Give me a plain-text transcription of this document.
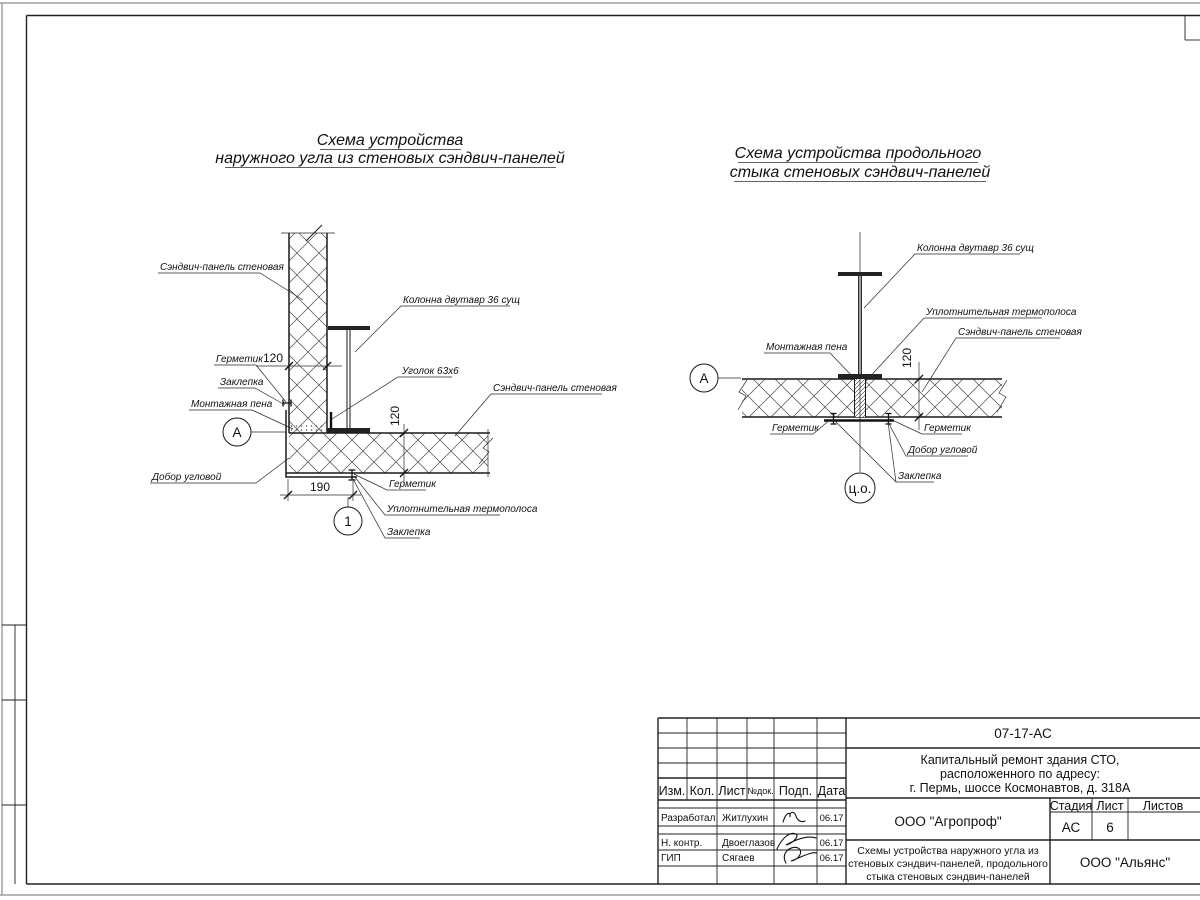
Схема устройства
наружного угла из стеновых сэндвич-панелей
120
120
190
А
1
Сэндвич-панель стеновая
Колонна двутавр 36 сущ
Герметик
Заклепка
Монтажная пена
Уголок 63х6
Сэндвич-панель стеновая
Добор угловой
Герметик
Уплотнительная термополоса
Заклепка
Схема устройства продольного
стыка стеновых сэндвич-панелей
120
А
ц.о.
Колонна двутавр 36 сущ
Уплотнительная термополоса
Сэндвич-панель стеновая
Монтажная пена
Герметик	Герметик
Добор угловой
Заклепка
Изм. Кол. Лист №док. Подп. Дата
Разработал Житлухин	06.17
Н. контр. Двоеглазов	06.17
ГИП	Сягаев	06.17
07-17-АС
Капитальный ремонт здания СТО,
расположенного по адресу:
г. Пермь, шоссе Космонавтов, д. 318А
ООО "Агропроф"
Стадия Лист Листов
АС 6
Схемы устройства наружного угла из
стеновых сэндвич-панелей, продольного
стыка стеновых сэндвич-панелей
ООО "Альянс"
